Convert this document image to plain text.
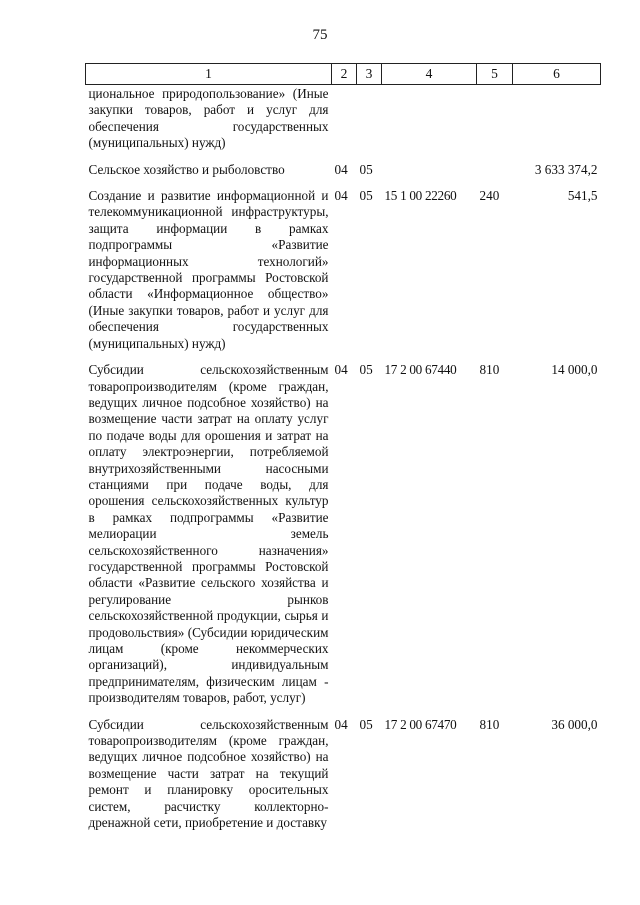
75
1	2	3	4	5	6
циональное природопользование» (Иные закупки товаров, работ и услуг для обеспечения государственных (муниципальных) нужд)					
Сельское хозяйство и рыболовство	04	05			3 633 374,2
Создание и развитие информационной и телекоммуникационной инфраструктуры, защита информации в рамках подпрограммы «Развитие информационных технологий» государственной программы Ростовской области «Информационное общество» (Иные закупки товаров, работ и услуг для обеспечения государственных (муниципальных) нужд)	04	05	15 1 00 22260	240	541,5
Субсидии сельскохозяйственным товаропроизводителям (кроме граждан, ведущих личное подсобное хозяйство) на возмещение части затрат на оплату услуг по подаче воды для орошения и затрат на оплату электроэнергии, потребляемой внутрихозяйственными насосными станциями при подаче воды, для орошения сельскохозяйственных культур в рамках подпрограммы «Развитие мелиорации земель сельскохозяйственного назначения» государственной программы Ростовской области «Развитие сельского хозяйства и регулирование рынков сельскохозяйственной продукции, сырья и продовольствия» (Субсидии юридическим лицам (кроме некоммерческих организаций), индивидуальным предпринимателям, физическим лицам - производителям товаров, работ, услуг)	04	05	17 2 00 67440	810	14 000,0
Субсидии сельскохозяйственным товаропроизводителям (кроме граждан, ведущих личное подсобное хозяйство) на возмещение части затрат на текущий ремонт и планировку оросительных систем, расчистку коллекторно-дренажной сети, приобретение и доставку	04	05	17 2 00 67470	810	36 000,0
